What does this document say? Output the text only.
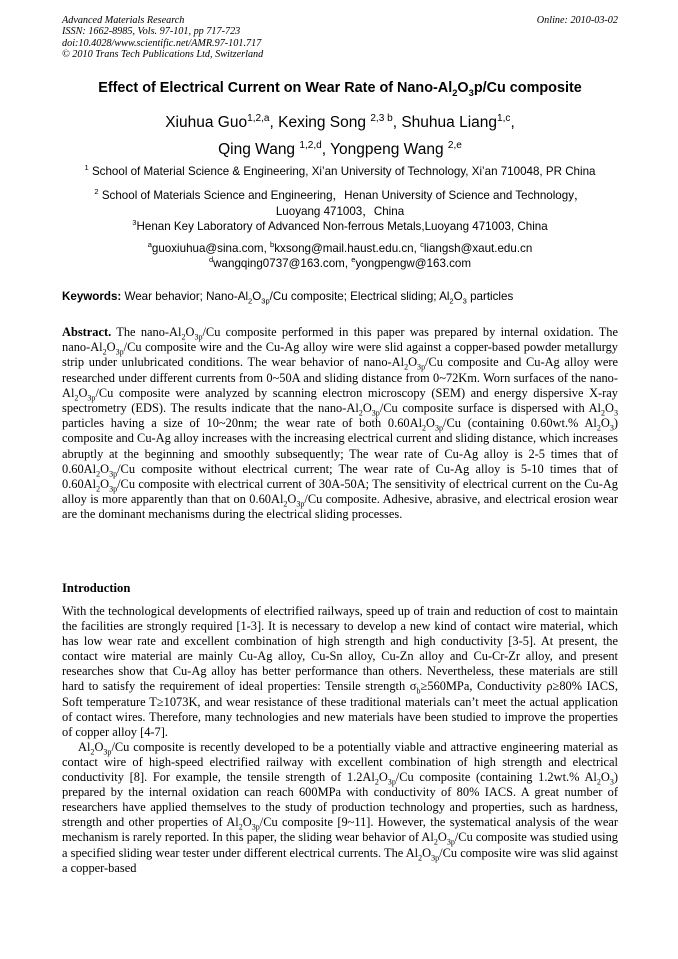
Advanced Materials Research
ISSN: 1662-8985, Vols. 97-101, pp 717-723
doi:10.4028/www.scientific.net/AMR.97-101.717
© 2010 Trans Tech Publications Ltd, Switzerland
Online: 2010-03-02
Effect of Electrical Current on Wear Rate of Nano-$Al_2O_3p/Cu$ composite
Xiuhua Guo$^{1,2,a}$, Kexing Song $^{2,3 b}$, Shuhua Liang$^{1,c}$,
Qing Wang $^{1,2,d}$, Yongpeng Wang $^{2,e}$
$^1$ School of Material Science & Engineering, Xi’an University of Technology, Xi’an 710048, PR China
$^2$ School of Materials Science and Engineering，Henan University of Science and Technology，
Luoyang 471003，China
$^3$Henan Key Laboratory of Advanced Non-ferrous Metals,Luoyang 471003, China
$^a$guoxiuhua@sina.com, $^b$kxsong@mail.haust.edu.cn, $^c$liangsh@xaut.edu.cn
$^d$wangqing0737@163.com, $^e$yongpengw@163.com
Keywords: Wear behavior; Nano-$Al_2O_{3p}/Cu$ composite; Electrical sliding; $Al_2O_3$ particles
Abstract. The nano-$Al_2O_{3p}/Cu$ composite performed in this paper was prepared by internal oxidation. The nano-$Al_2O_{3p}/Cu$ composite wire and the Cu-Ag alloy wire were slid against a copper-based powder metallurgy strip under unlubricated conditions. The wear behavior of nano-$Al_2O_{3p}/Cu$ composite and Cu-Ag alloy were researched under different currents from 0~50A and sliding distance from 0~72Km. Worn surfaces of the nano-$Al_2O_{3p}/Cu$ composite were analyzed by scanning electron microscopy (SEM) and energy dispersive X-ray spectrometry (EDS). The results indicate that the nano-$Al_2O_{3p}/Cu$ composite surface is dispersed with $Al_2O_3$ particles having a size of 10~20nm; the wear rate of both $0.60Al_2O_{3p}/Cu$ (containing 0.60wt.% $Al_2O_3$) composite and Cu-Ag alloy increases with the increasing electrical current and sliding distance, which increases abruptly at the beginning and smoothly subsequently; The wear rate of Cu-Ag alloy is 2-5 times that of $0.60Al_2O_{3p}/Cu$ composite without electrical current; The wear rate of Cu-Ag alloy is 5-10 times that of $0.60Al_2O_{3p}/Cu$ composite with electrical current of 30A-50A; The sensitivity of electrical current on the Cu-Ag alloy is more apparently than that on $0.60Al_2O_{3p}/Cu$ composite. Adhesive, abrasive, and electrical erosion wear are the dominant mechanisms during the electrical sliding processes.
Introduction

With the technological developments of electrified railways, speed up of train and reduction of cost to maintain the facilities are strongly required [1-3]. It is necessary to develop a new kind of contact wire material, which has low wear rate and excellent combination of high strength and high conductivity [3-5]. At present, the contact wire material are mainly Cu-Ag alloy, Cu-Sn alloy, Cu-Zn alloy and Cu-Cr-Zr alloy, and present researches show that Cu-Ag alloy has better performance than others. Nevertheless, these materials are still hard to satisfy the requirement of ideal properties: Tensile strength $\sigma_b\ge 560MPa$, Conductivity ρ≥80% IACS, Soft temperature T≥1073K, and wear resistance of these traditional materials can’t meet the actual application of contact wires. Therefore, many technologies and new materials have been studied to improve the properties of copper alloy [4-7].

$Al_2O_{3p}/Cu$ composite is recently developed to be a potentially viable and attractive engineering material as contact wire of high-speed electrified railway with excellent combination of high strength and electrical conductivity [8]. For example, the tensile strength of $1.2Al_2O_{3p}/Cu$ composite (containing 1.2wt.% $Al_2O_3$) prepared by the internal oxidation can reach 600MPa with conductivity of 80% IACS. A great number of researchers have applied themselves to the study of production technology and properties, such as hardness, strength and other properties of $Al_2O_{3p}/Cu$ composite [9~11]. However, the systematical analysis of the wear mechanism is rarely reported. In this paper, the sliding wear behavior of $Al_2O_{3p}/Cu$ composite was studied using a specified sliding wear tester under different electrical currents. The $Al_2O_{3p}/Cu$ composite wire was slid against a copper-based
